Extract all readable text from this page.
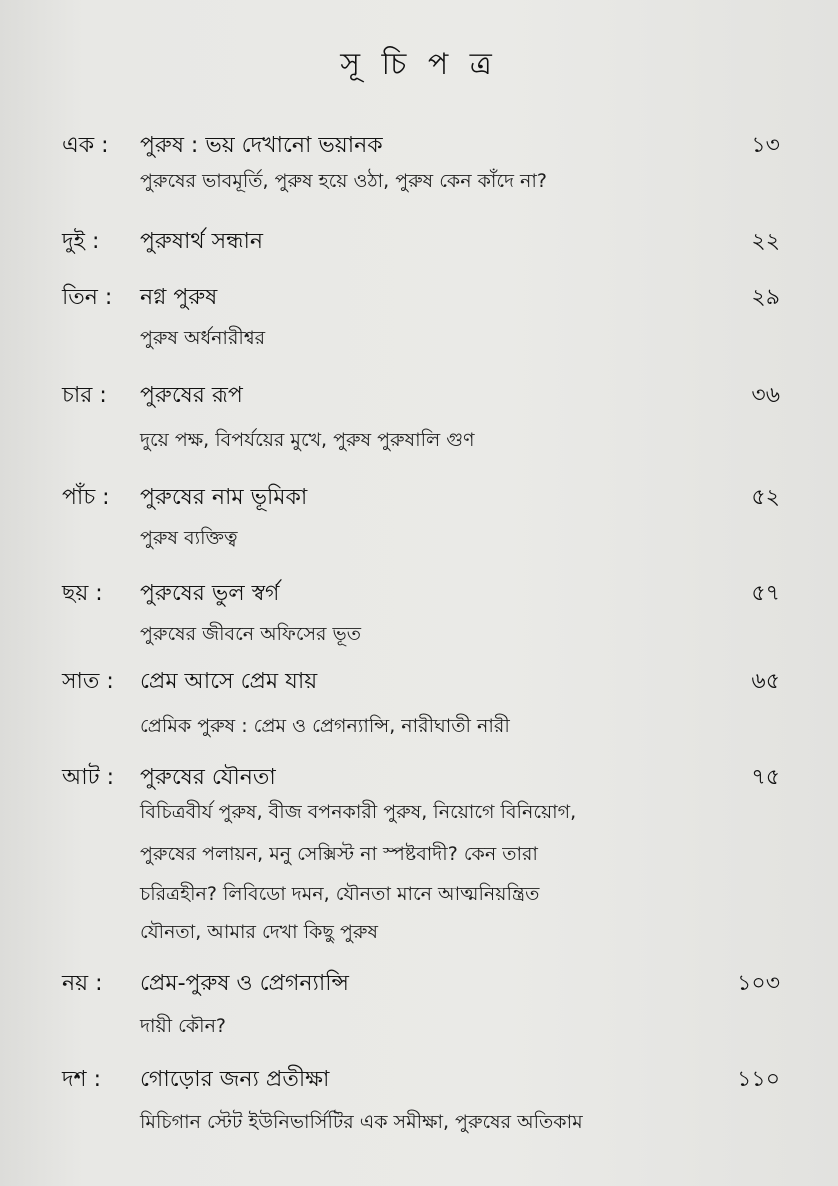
সূ চি প ত্র
এক : পুরুষ : ভয় দেখানো ভয়ানক	১৩
পুরুষের ভাবমূর্তি, পুরুষ হয়ে ওঠা, পুরুষ কেন কাঁদে না?
দুই : পুরুষার্থ সন্ধান	২২
তিন : নগ্ন পুরুষ	২৯
পুরুষ অর্ধনারীশ্বর
চার : পুরুষের রূপ	৩৬
দুয়ে পক্ষ, বিপর্যয়ের মুখে, পুরুষ পুরুষালি গুণ
পাঁচ : পুরুষের নাম ভূমিকা	৫২
পুরুষ ব্যক্তিত্ব
ছয় : পুরুষের ভুল স্বর্গ	৫৭
পুরুষের জীবনে অফিসের ভূত
সাত : প্রেম আসে প্রেম যায়	৬৫
প্রেমিক পুরুষ : প্রেম ও প্রেগন্যান্সি, নারীঘাতী নারী
আট : পুরুষের যৌনতা	৭৫
বিচিত্রবীর্য পুরুষ, বীজ বপনকারী পুরুষ, নিয়োগে বিনিয়োগ,
পুরুষের পলায়ন, মনু সেক্সিস্ট না স্পষ্টবাদী? কেন তারা
চরিত্রহীন? লিবিডো দমন, যৌনতা মানে আত্মনিয়ন্ত্রিত
যৌনতা, আমার দেখা কিছু পুরুষ
নয় : প্রেম-পুরুষ ও প্রেগন্যান্সি	১০৩
দায়ী কৌন?
দশ : গোড়োর জন্য প্রতীক্ষা	১১০
মিচিগান স্টেট ইউনিভার্সিটির এক সমীক্ষা, পুরুষের অতিকাম
